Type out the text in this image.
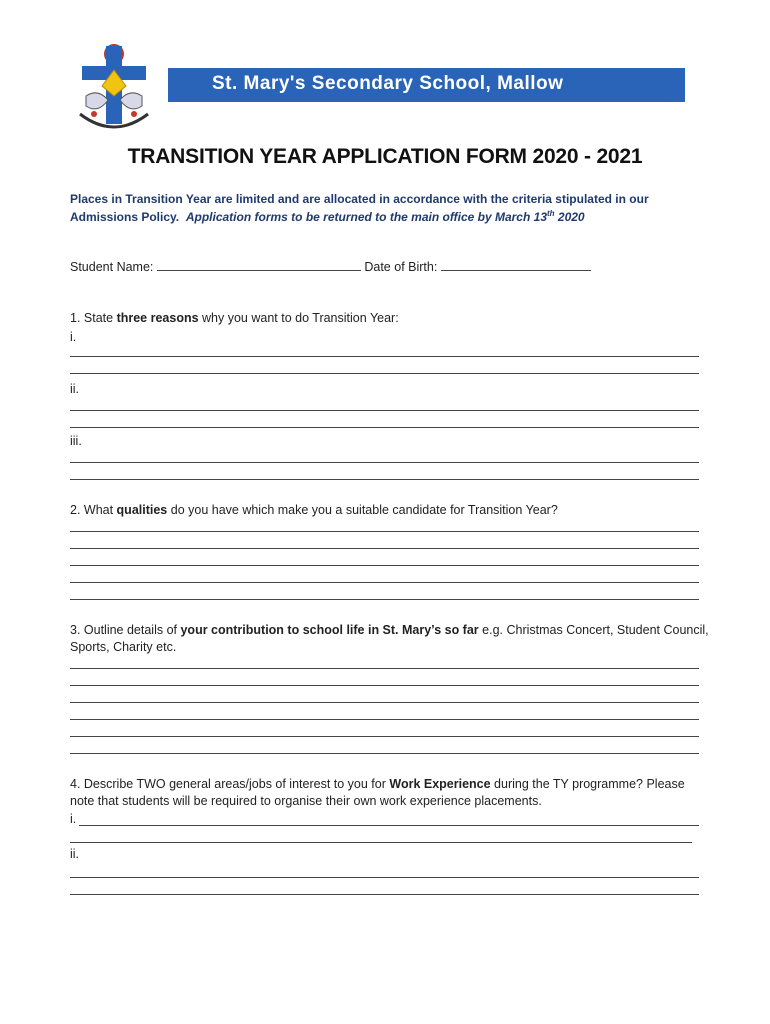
St. Mary's Secondary School, Mallow
TRANSITION YEAR APPLICATION FORM 2020 - 2021
Places in Transition Year are limited and are allocated in accordance with the criteria stipulated in our
Admissions Policy. Application forms to be returned to the main office by March 13th 2020
Student Name:	Date of Birth:
1. State three reasons why you want to do Transition Year:
i.
ii.
iii.
2. What qualities do you have which make you a suitable candidate for Transition Year?
3. Outline details of your contribution to school life in St. Mary’s so far e.g. Christmas Concert, Student Council, Sports, Charity etc.
4. Describe TWO general areas/jobs of interest to you for Work Experience during the TY programme? Please note that students will be required to organise their own work experience placements.
i.
ii.
